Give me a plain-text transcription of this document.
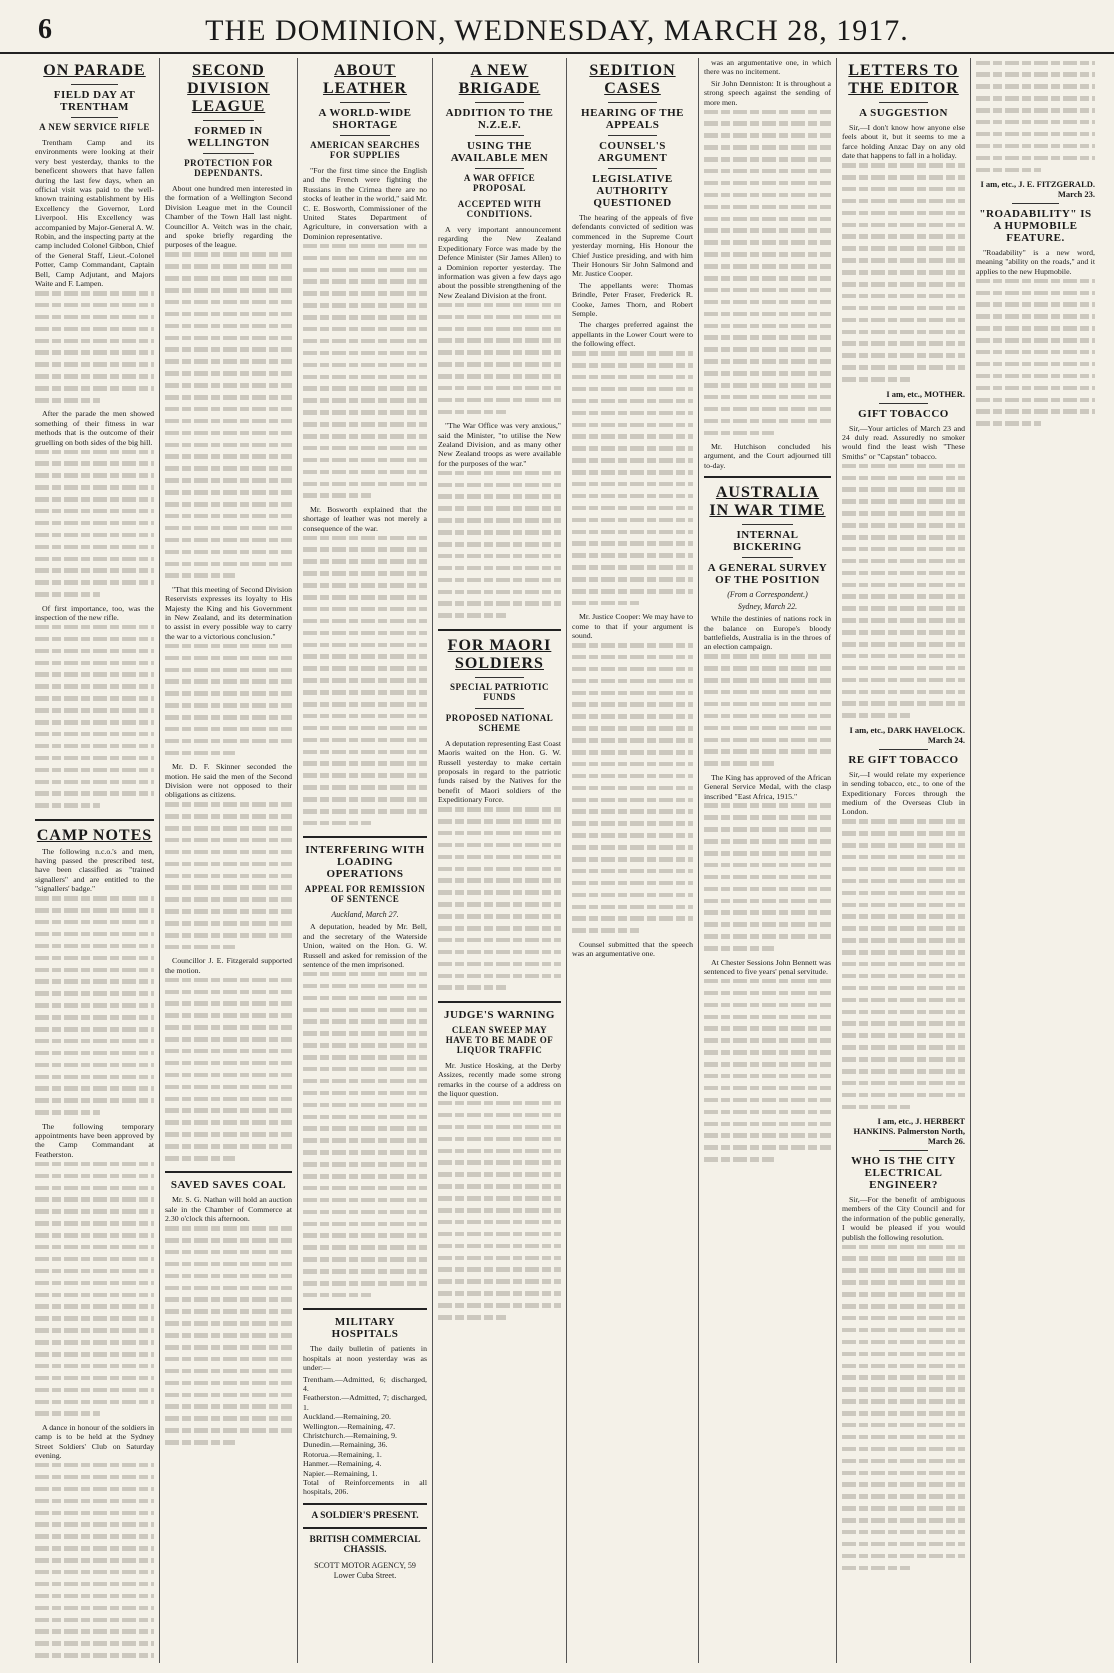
6	THE DOMINION, WEDNESDAY, MARCH 28, 1917.
ON PARADE
FIELD DAY AT TRENTHAM
A NEW SERVICE RIFLE

Trentham Camp and its environments were looking at their very best yesterday, thanks to the beneficent showers that have fallen during the last few days, when an official visit was paid to the well-known training establishment by His Excellency the Governor, Lord Liverpool. His Excellency was accompanied by Major-General A. W. Robin, and the inspecting party at the camp included Colonel Gibbon, Chief of the General Staff, Lieut.-Colonel Potter, Camp Commandant, Captain Bell, Camp Adjutant, and Majors Waite and F. Lampen.

After the parade the men showed something of their fitness in war methods that is the outcome of their gruelling on both sides of the big hill.

Of first importance, too, was the inspection of the new rifle.

CAMP NOTES

The following n.c.o.'s and men, having passed the prescribed test, have been classified as "trained signallers" and are entitled to the "signallers' badge."

The following temporary appointments have been approved by the Camp Commandant at Featherston.

A dance in honour of the soldiers in camp is to be held at the Sydney Street Soldiers' Club on Saturday evening.

SECOND DIVISION LEAGUE
FORMED IN WELLINGTON
PROTECTION FOR DEPENDANTS.

About one hundred men interested in the formation of a Wellington Second Division League met in the Council Chamber of the Town Hall last night. Councillor A. Veitch was in the chair, and spoke briefly regarding the purposes of the league.

"That this meeting of Second Division Reservists expresses its loyalty to His Majesty the King and his Government in New Zealand, and its determination to assist in every possible way to carry the war to a victorious conclusion."

Mr. D. F. Skinner seconded the motion. He said the men of the Second Division were not opposed to their obligations as citizens.

Councillor J. E. Fitzgerald supported the motion.

SAVED SAVES COAL

Mr. S. G. Nathan will hold an auction sale in the Chamber of Commerce at 2.30 o'clock this afternoon.

ABOUT LEATHER
A WORLD-WIDE SHORTAGE
AMERICAN SEARCHES FOR SUPPLIES

"For the first time since the English and the French were fighting the Russians in the Crimea there are no stocks of leather in the world," said Mr. C. E. Bosworth, Commissioner of the United States Department of Agriculture, in conversation with a Dominion representative.

Mr. Bosworth explained that the shortage of leather was not merely a consequence of the war.

INTERFERING WITH LOADING OPERATIONS
APPEAL FOR REMISSION OF SENTENCE
Auckland, March 27.

A deputation, headed by Mr. Bell, and the secretary of the Waterside Union, waited on the Hon. G. W. Russell and asked for remission of the sentence of the men imprisoned.

MILITARY HOSPITALS

The daily bulletin of patients in hospitals at noon yesterday was as under:—

Trentham.—Admitted, 6; discharged, 4.

Featherston.—Admitted, 7; discharged, 1.

Auckland.—Remaining, 20.

Wellington.—Remaining, 47.

Christchurch.—Remaining, 9.

Dunedin.—Remaining, 36.

Rotorua.—Remaining, 1.

Hanmer.—Remaining, 4.

Napier.—Remaining, 1.

Total of Reinforcements in all hospitals, 206.

A SOLDIER'S PRESENT.
BRITISH COMMERCIAL CHASSIS.
SCOTT MOTOR AGENCY, 59 Lower Cuba Street.
A NEW BRIGADE
ADDITION TO THE N.Z.E.F.
USING THE AVAILABLE MEN
A WAR OFFICE PROPOSAL
ACCEPTED WITH CONDITIONS.

A very important announcement regarding the New Zealand Expeditionary Force was made by the Defence Minister (Sir James Allen) to a Dominion reporter yesterday. The information was given a few days ago about the possible strengthening of the New Zealand Division at the front.

"The War Office was very anxious," said the Minister, "to utilise the New Zealand Division, and as many other New Zealand troops as were available for the purposes of the war."

FOR MAORI SOLDIERS
SPECIAL PATRIOTIC FUNDS
PROPOSED NATIONAL SCHEME

A deputation representing East Coast Maoris waited on the Hon. G. W. Russell yesterday to make certain proposals in regard to the patriotic funds raised by the Natives for the benefit of Maori soldiers of the Expeditionary Force.

JUDGE'S WARNING
CLEAN SWEEP MAY HAVE TO BE MADE OF LIQUOR TRAFFIC

Mr. Justice Hosking, at the Derby Assizes, recently made some strong remarks in the course of a address on the liquor question.

SEDITION CASES
HEARING OF THE APPEALS
COUNSEL'S ARGUMENT
LEGISLATIVE AUTHORITY QUESTIONED

The hearing of the appeals of five defendants convicted of sedition was commenced in the Supreme Court yesterday morning, His Honour the Chief Justice presiding, and with him Their Honours Sir John Salmond and Mr. Justice Cooper.

The appellants were: Thomas Brindle, Peter Fraser, Frederick R. Cooke, James Thorn, and Robert Semple.

The charges preferred against the appellants in the Lower Court were to the following effect.

Mr. Justice Cooper: We may have to come to that if your argument is sound.

Counsel submitted that the speech was an argumentative one.

was an argumentative one, in which there was no incitement.

Sir John Denniston: It is throughout a strong speech against the sending of more men.

Mr. Hutchison concluded his argument, and the Court adjourned till to-day.

AUSTRALIA IN WAR TIME
INTERNAL BICKERING
A GENERAL SURVEY OF THE POSITION
(From a Correspondent.)
Sydney, March 22.

While the destinies of nations rock in the balance on Europe's bloody battlefields, Australia is in the throes of an election campaign.

The King has approved of the African General Service Medal, with the clasp inscribed "East Africa, 1915."

At Chester Sessions John Bennett was sentenced to five years' penal servitude.

LETTERS TO THE EDITOR
A SUGGESTION

Sir,—I don't know how anyone else feels about it, but it seems to me a farce holding Anzac Day on any old date that happens to fall in a holiday.

I am, etc., MOTHER.
GIFT TOBACCO

Sir,—Your articles of March 23 and 24 duly read. Assuredly no smoker would find the least wish "These Smiths" or "Capstan" tobacco.

I am, etc., DARK HAVELOCK. March 24.
RE GIFT TOBACCO

Sir,—I would relate my experience in sending tobacco, etc., to one of the Expeditionary Forces through the medium of the Overseas Club in London.

I am, etc., J. HERBERT HANKINS. Palmerston North, March 26.
WHO IS THE CITY ELECTRICAL ENGINEER?

Sir,—For the benefit of ambiguous members of the City Council and for the information of the public generally, I would be pleased if you would publish the following resolution.

I am, etc., J. E. FITZGERALD. March 23.
"ROADABILITY" IS A HUPMOBILE FEATURE.

"Roadability" is a new word, meaning "ability on the roads," and it applies to the new Hupmobile.
